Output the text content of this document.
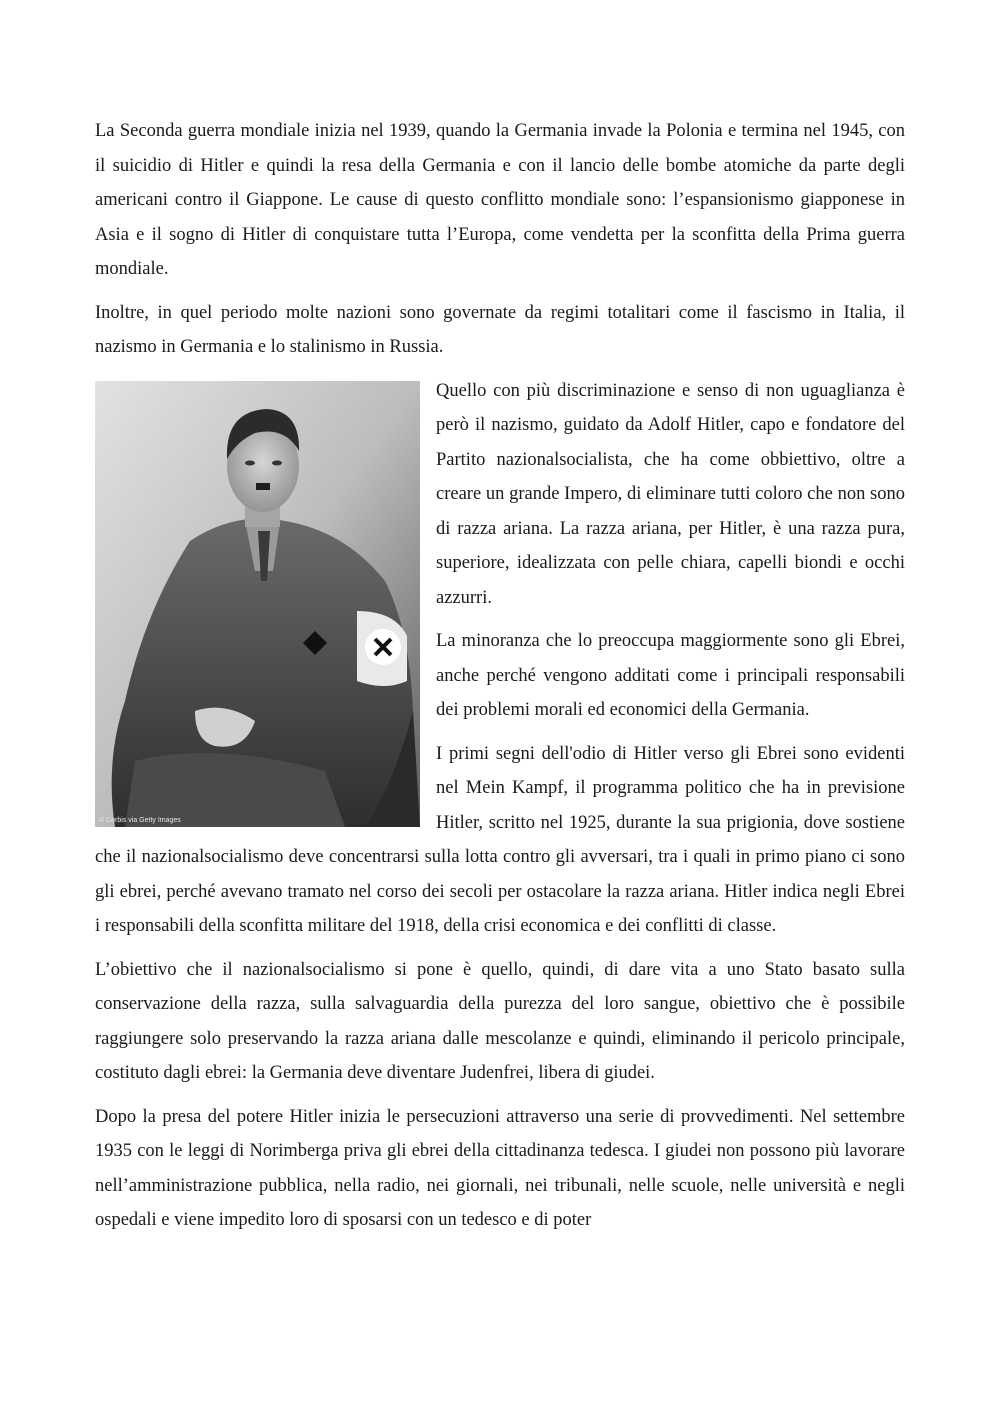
La Seconda guerra mondiale inizia nel 1939, quando la Germania invade la Polonia e termina nel 1945, con il suicidio di Hitler e quindi la resa della Germania e con il lancio delle bombe atomiche da parte degli americani contro il Giappone. Le cause di questo conflitto mondiale sono: l’espansionismo giapponese in Asia e il sogno di Hitler di conquistare tutta l’Europa, come vendetta per la sconfitta della Prima guerra mondiale.

Inoltre, in quel periodo molte nazioni sono governate da regimi totalitari come il fascismo in Italia, il nazismo in Germania e lo stalinismo in Russia.

© Corbis via Getty Images

Quello con più discriminazione e senso di non uguaglianza è però il nazismo, guidato da Adolf Hitler, capo e fondatore del Partito nazionalsocialista, che ha come obbiettivo, oltre a creare un grande Impero, di eliminare tutti coloro che non sono di razza ariana. La razza ariana, per Hitler, è una razza pura, superiore, idealizzata con pelle chiara, capelli biondi e occhi azzurri.

La minoranza che lo preoccupa maggiormente sono gli Ebrei, anche perché vengono additati come i principali responsabili dei problemi morali ed economici della Germania.

I primi segni dell'odio di Hitler verso gli Ebrei sono evidenti nel Mein Kampf, il programma politico che ha in previsione Hitler, scritto nel 1925, durante la sua prigionia, dove sostiene che il nazionalsocialismo deve concentrarsi sulla lotta contro gli avversari, tra i quali in primo piano ci sono gli ebrei, perché avevano tramato nel corso dei secoli per ostacolare la razza ariana. Hitler indica negli Ebrei i responsabili della sconfitta militare del 1918, della crisi economica e dei conflitti di classe.

L’obiettivo che il nazionalsocialismo si pone è quello, quindi, di dare vita a uno Stato basato sulla conservazione della razza, sulla salvaguardia della purezza del loro sangue, obiettivo che è possibile raggiungere solo preservando la razza ariana dalle mescolanze e quindi, eliminando il pericolo principale, costituto dagli ebrei: la Germania deve diventare Judenfrei, libera di giudei.

Dopo la presa del potere Hitler inizia le persecuzioni attraverso una serie di provvedimenti. Nel settembre 1935 con le leggi di Norimberga priva gli ebrei della cittadinanza tedesca. I giudei non possono più lavorare nell’amministrazione pubblica, nella radio, nei giornali, nei tribunali, nelle scuole, nelle università e negli ospedali e viene impedito loro di sposarsi con un tedesco e di poter
